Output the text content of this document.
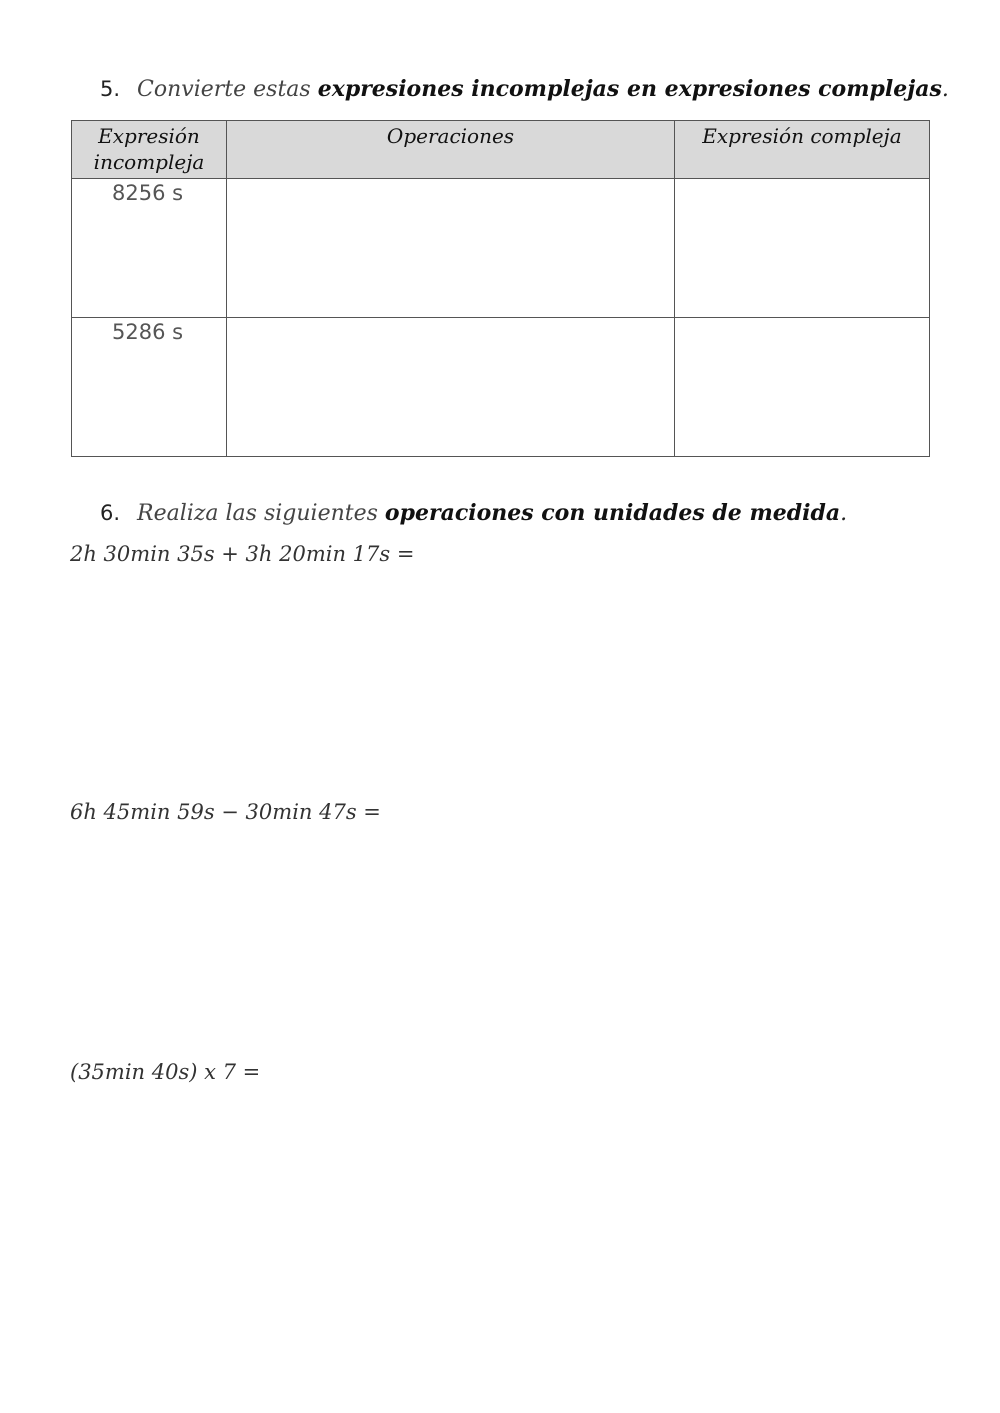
5. Convierte estas expresiones incomplejas en expresiones complejas.
Expresión incompleja	Operaciones	Expresión compleja

8256 s		

5286 s		

6. Realiza las siguientes operaciones con unidades de medida.
2h 30min 35s + 3h 20min 17s =
6h 45min 59s − 30min 47s =
(35min 40s) x 7 =
